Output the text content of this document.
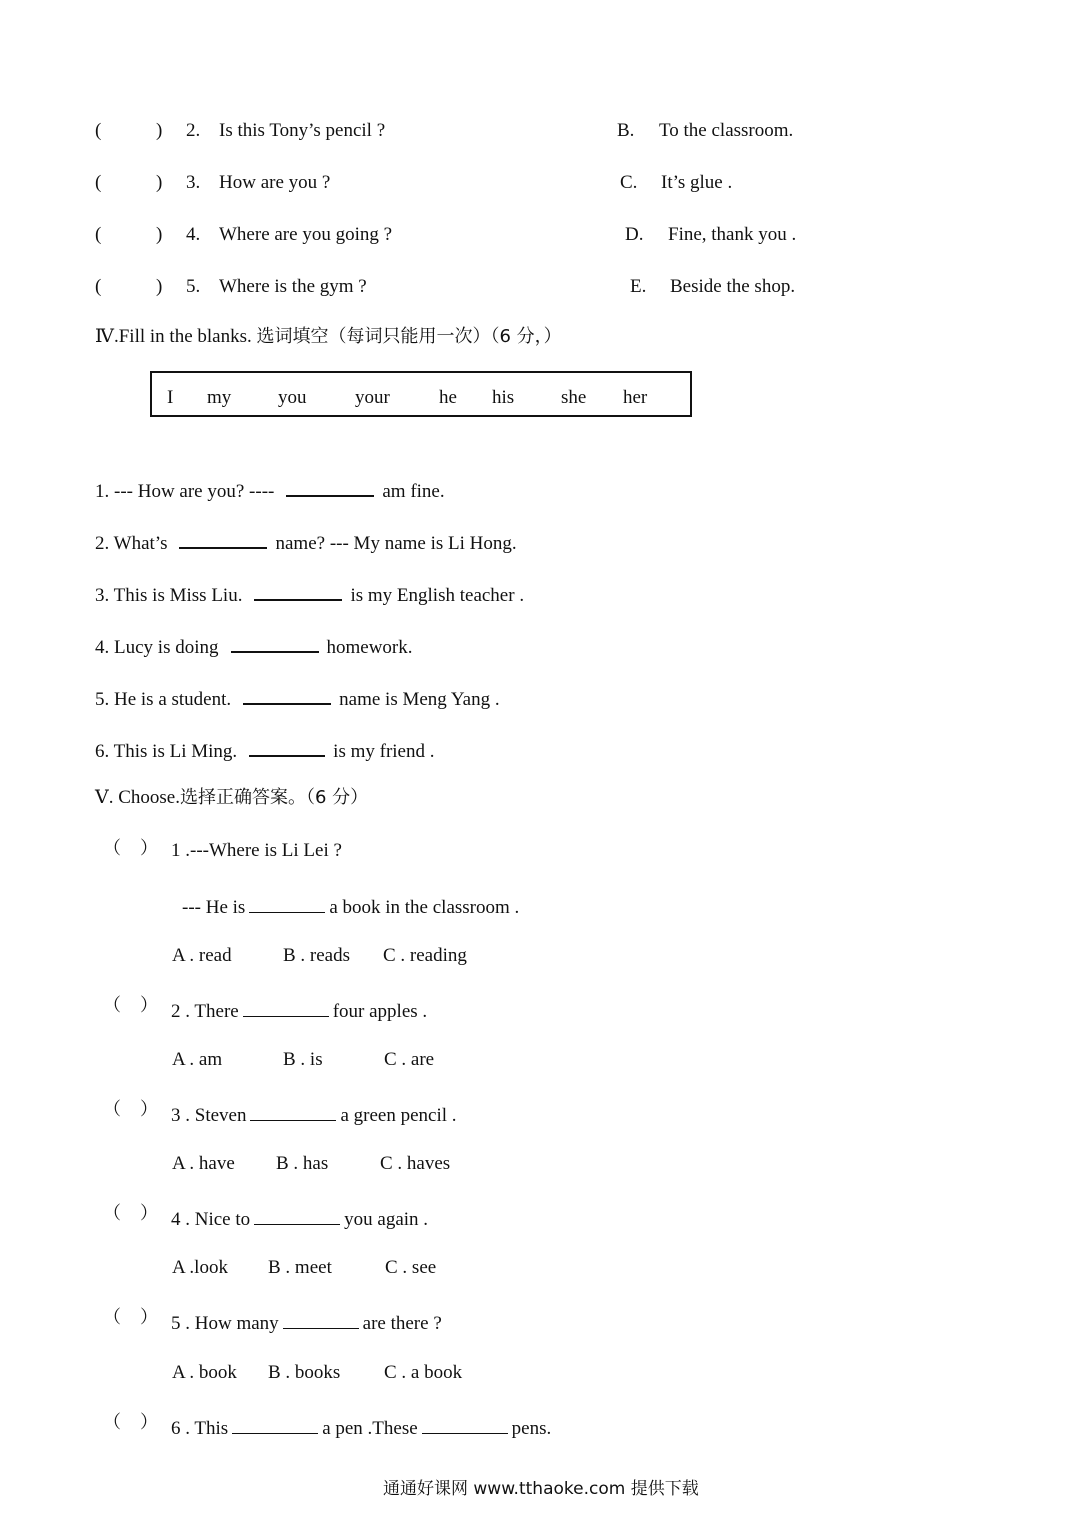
(	) 2. Is this Tony’s pencil ?	B. To the classroom.
(	) 3. How are you ?	C. It’s glue .
(	) 4. Where are you going ?	D. Fine, thank you .
(	) 5. Where is the gym ?	E. Beside the shop.
Ⅳ.Fill in the blanks. 选词填空（每词只能用一次）（6 分，）
I my you	your	he his she her
1. --- How are you? ----	am fine.
2. What’s	name? --- My name is Li Hong.
3. This is Miss Liu.	is my English teacher .
4. Lucy is doing	homework.
5. He is a student.	name is Meng Yang .
6. This is Li Ming.	is my friend .
Ⅴ. Choose.选择正确答案。（6 分）
（ ） 1 .---Where is Li Lei ?
--- He is	a book in the classroom .
A . read	B . reads C . reading
（ ） 2 . There	four apples .
A . am	B . is	C . are
（ ） 3 . Steven	a green pencil .
A . have B . has	C . haves
（ ） 4 . Nice to	you again .
A .look B . meet	C . see
（ ） 5 . How many	are there ?
A . book B . books C . a book
（ ） 6 . This	a pen .These	pens.
通通好课网 www.tthaoke.com 提供下载
